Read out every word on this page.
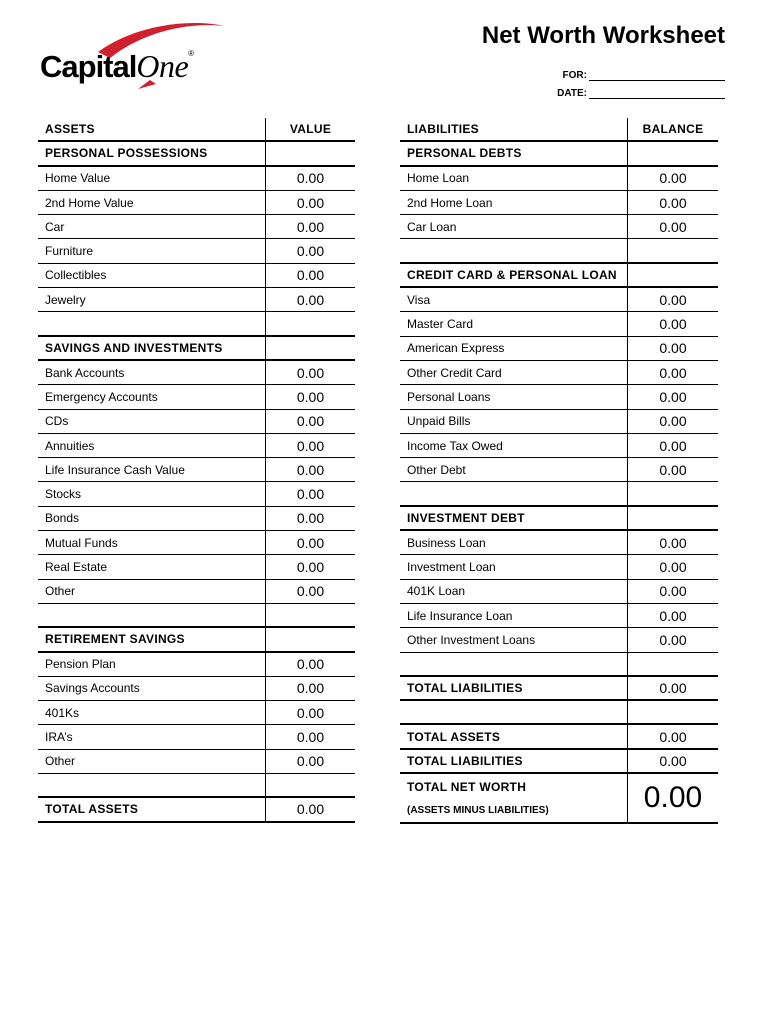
CapitalOne®
Net Worth Worksheet
FOR :
DATE :
ASSETS	VALUE
PERSONAL POSSESSIONS
Home Value	0.00
2nd Home Value	0.00
Car	0.00
Furniture	0.00
Collectibles	0.00
Jewelry	0.00
SAVINGS AND INVESTMENTS
Bank Accounts	0.00
Emergency Accounts	0.00
CDs	0.00
Annuities	0.00
Life Insurance Cash Value	0.00
Stocks	0.00
Bonds	0.00
Mutual Funds	0.00
Real Estate	0.00
Other	0.00
RETIREMENT SAVINGS
Pension Plan	0.00
Savings Accounts	0.00
401Ks	0.00
IRA’s	0.00
Other	0.00
TOTAL ASSETS	0.00
LIABILITIES	BALANCE
PERSONAL DEBTS
Home Loan	0.00
2nd Home Loan	0.00
Car Loan	0.00
CREDIT CARD & PERSONAL LOAN
Visa	0.00
Master Card	0.00
American Express	0.00
Other Credit Card	0.00
Personal Loans	0.00
Unpaid Bills	0.00
Income Tax Owed	0.00
Other Debt	0.00
INVESTMENT DEBT
Business Loan	0.00
Investment Loan	0.00
401K Loan	0.00
Life Insurance Loan	0.00
Other Investment Loans	0.00
TOTAL LIABILITIES	0.00
TOTAL ASSETS	0.00
TOTAL LIABILITIES	0.00
TOTAL NET WORTH
(ASSETS MINUS LIABILITIES)	0.00
